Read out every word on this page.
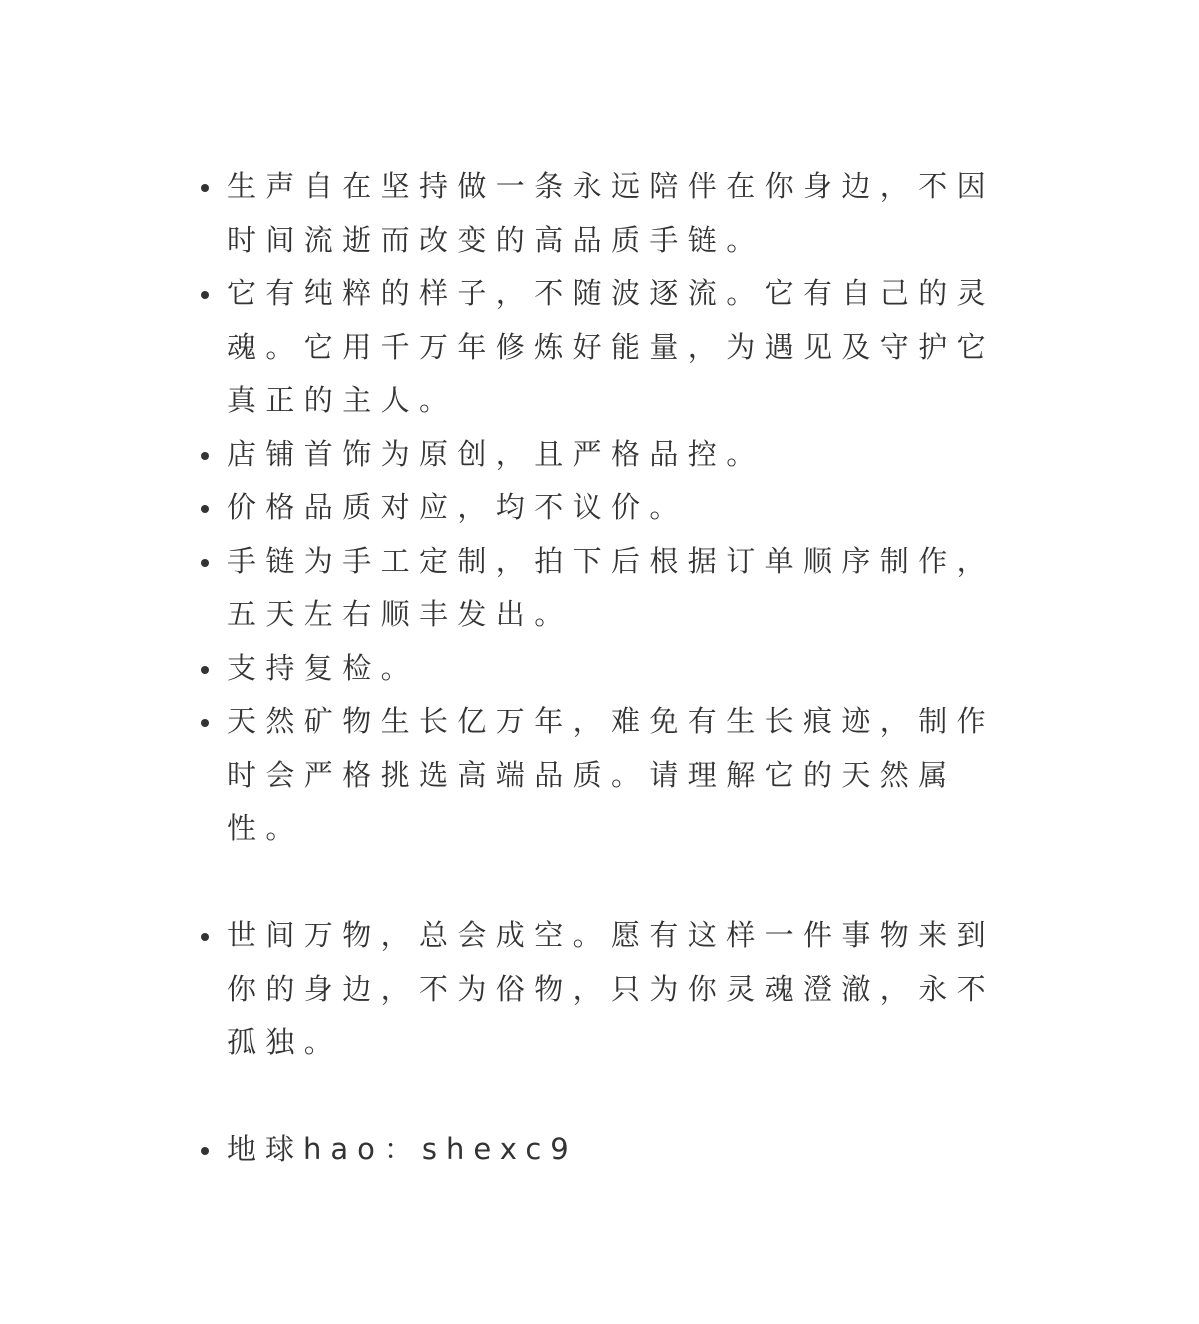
生声自在坚持做一条永远陪伴在你身边，不因时间流逝而改变的高品质手链。
它有纯粹的样子，不随波逐流。它有自己的灵魂。它用千万年修炼好能量，为遇见及守护它真正的主人。
店铺首饰为原创，且严格品控。
价格品质对应，均不议价。
手链为手工定制，拍下后根据订单顺序制作，五天左右顺丰发出。
支持复检。
天然矿物生长亿万年，难免有生长痕迹，制作时会严格挑选高端品质。请理解它的天然属性。
世间万物，总会成空。愿有这样一件事物来到你的身边，不为俗物，只为你灵魂澄澈，永不孤独。
地球hao：shexc9
